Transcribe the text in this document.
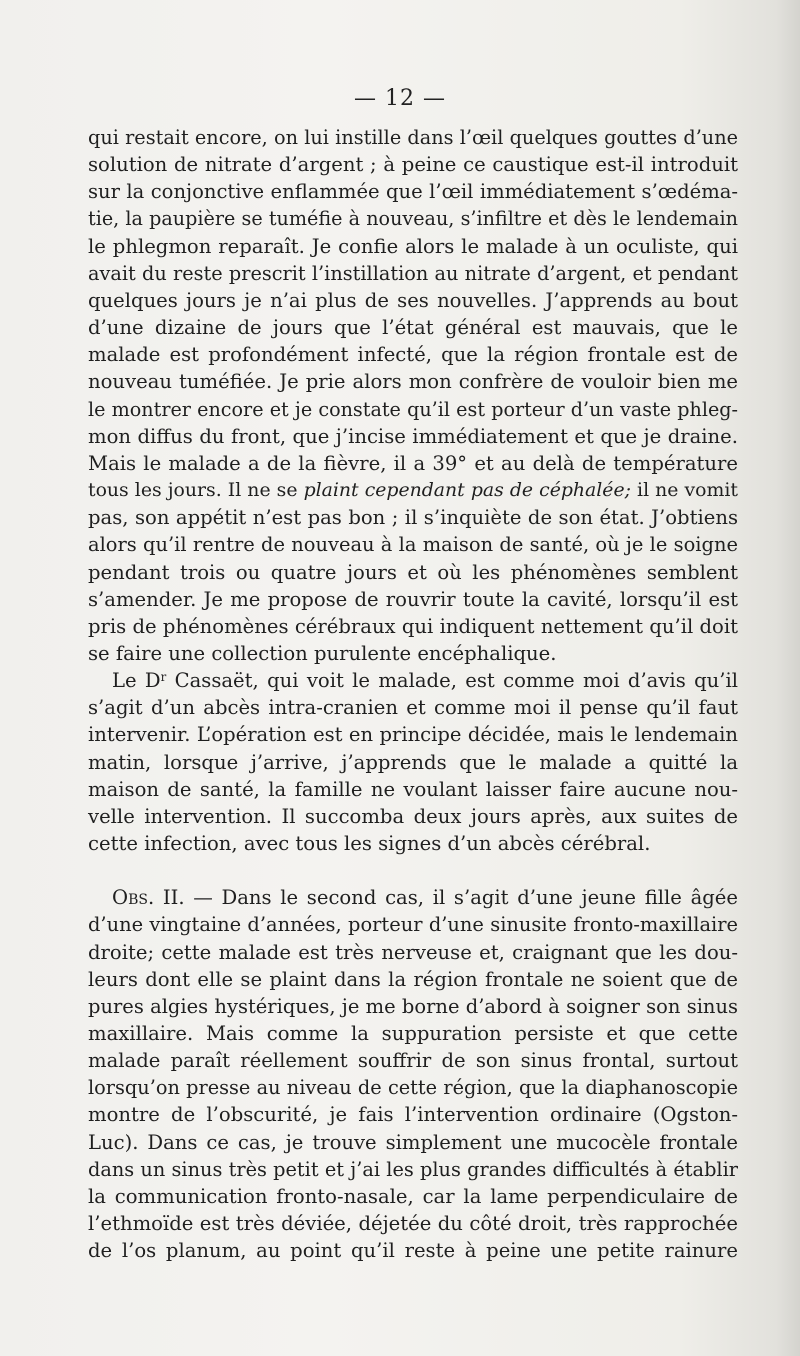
— 12 —
qui restait encore, on lui instille dans l’œil quelques gouttes d’une
solution de nitrate d’argent ; à peine ce caustique est-il introduit
sur la conjonctive enflammée que l’œil immédiatement s’œdéma-
tie, la paupière se tuméfie à nouveau, s’infiltre et dès le lendemain
le phlegmon reparaît. Je confie alors le malade à un oculiste, qui
avait du reste prescrit l’instillation au nitrate d’argent, et pendant
quelques jours je n’ai plus de ses nouvelles. J’apprends au bout
d’une dizaine de jours que l’état général est mauvais, que le
malade est profondément infecté, que la région frontale est de
nouveau tuméfiée. Je prie alors mon confrère de vouloir bien me
le montrer encore et je constate qu’il est porteur d’un vaste phleg-
mon diffus du front, que j’incise immédiatement et que je draine.
Mais le malade a de la fièvre, il a 39° et au delà de température
tous les jours. Il ne se plaint cependant pas de céphalée; il ne vomit
pas, son appétit n’est pas bon ; il s’inquiète de son état. J’obtiens
alors qu’il rentre de nouveau à la maison de santé, où je le soigne
pendant trois ou quatre jours et où les phénomènes semblent
s’amender. Je me propose de rouvrir toute la cavité, lorsqu’il est
pris de phénomènes cérébraux qui indiquent nettement qu’il doit
se faire une collection purulente encéphalique.
Le $D^r$ Cassaët, qui voit le malade, est comme moi d’avis qu’il
s’agit d’un abcès intra-cranien et comme moi il pense qu’il faut
intervenir. L’opération est en principe décidée, mais le lendemain
matin, lorsque j’arrive, j’apprends que le malade a quitté la
maison de santé, la famille ne voulant laisser faire aucune nou-
velle intervention. Il succomba deux jours après, aux suites de
cette infection, avec tous les signes d’un abcès cérébral.
Obs. II. — Dans le second cas, il s’agit d’une jeune fille âgée
d’une vingtaine d’années, porteur d’une sinusite fronto-maxillaire
droite; cette malade est très nerveuse et, craignant que les dou-
leurs dont elle se plaint dans la région frontale ne soient que de
pures algies hystériques, je me borne d’abord à soigner son sinus
maxillaire. Mais comme la suppuration persiste et que cette
malade paraît réellement souffrir de son sinus frontal, surtout
lorsqu’on presse au niveau de cette région, que la diaphanoscopie
montre de l’obscurité, je fais l’intervention ordinaire (Ogston-
Luc). Dans ce cas, je trouve simplement une mucocèle frontale
dans un sinus très petit et j’ai les plus grandes difficultés à établir
la communication fronto-nasale, car la lame perpendiculaire de
l’ethmoïde est très déviée, déjetée du côté droit, très rapprochée
de l’os planum, au point qu’il reste à peine une petite rainure
